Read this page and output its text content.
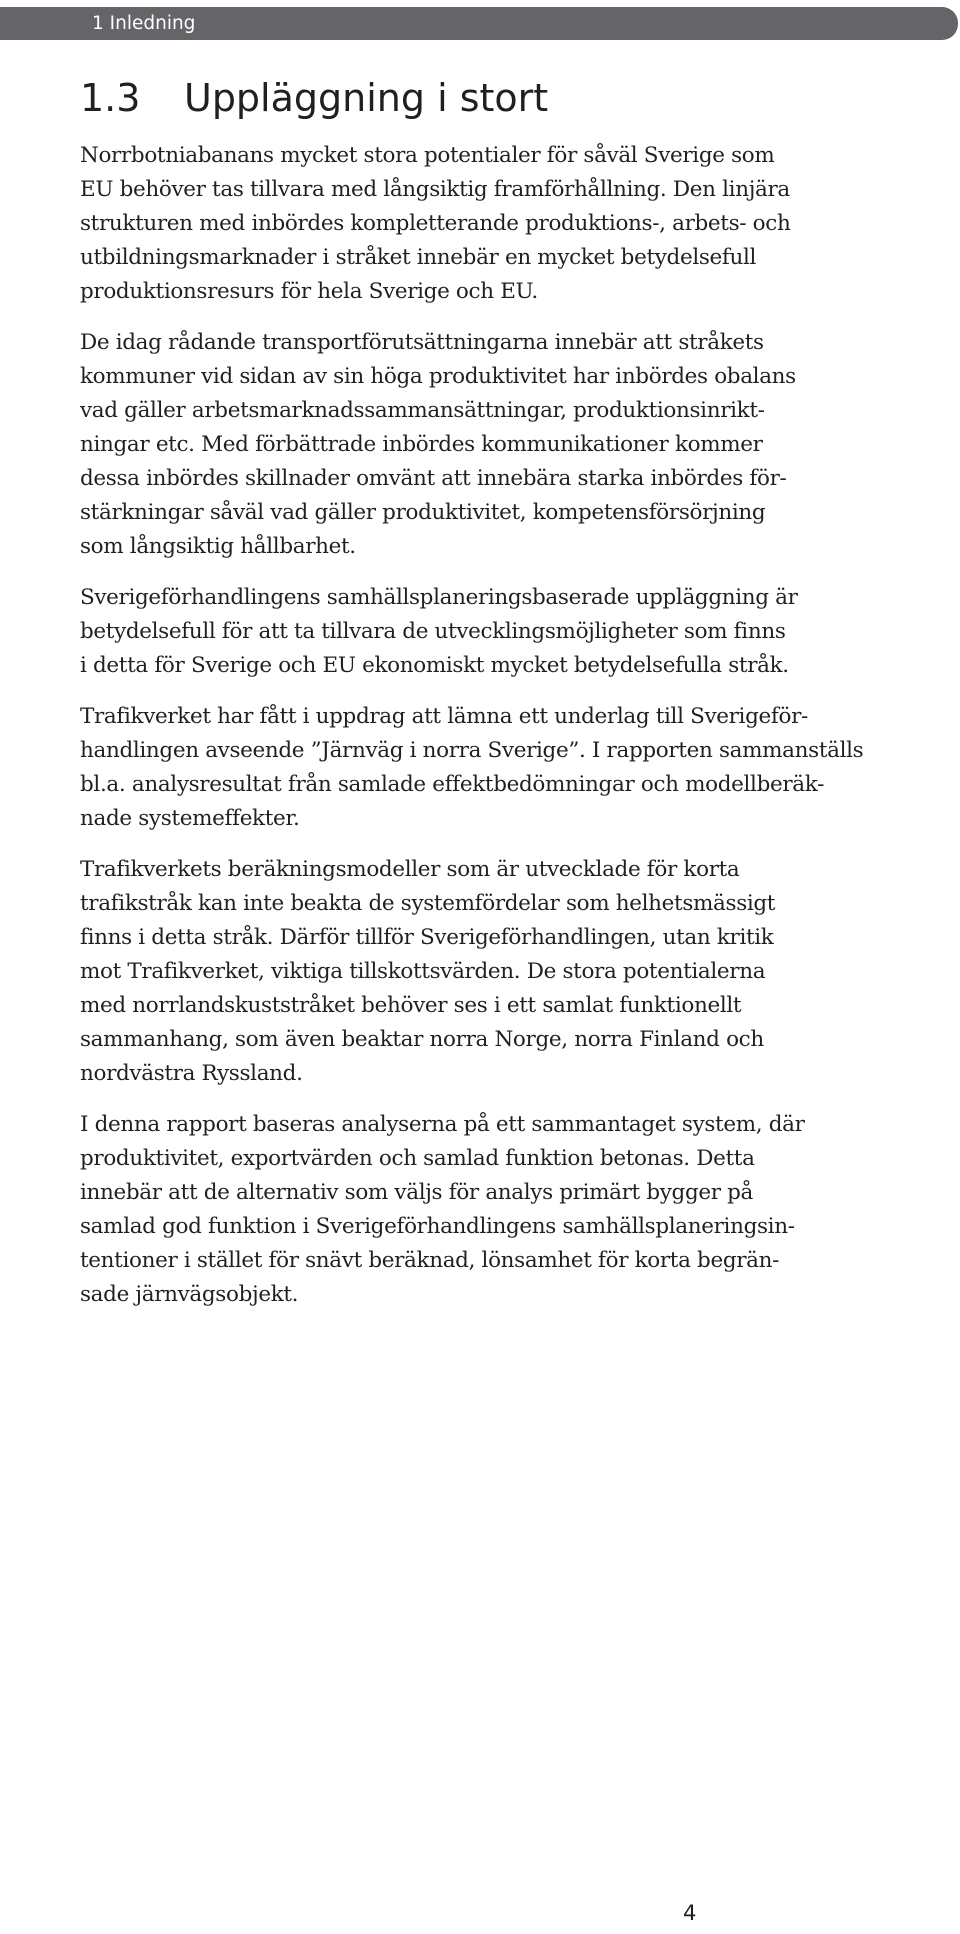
1 Inledning
1.3 Uppläggning i stort

Norrbotniabanans mycket stora potentialer för såväl Sverige som
EU behöver tas tillvara med långsiktig framförhållning. Den linjära
strukturen med inbördes kompletterande produktions-, arbets- och
utbildningsmarknader i stråket innebär en mycket betydelsefull
produktionsresurs för hela Sverige och EU.

De idag rådande transportförutsättningarna innebär att stråkets
kommuner vid sidan av sin höga produktivitet har inbördes obalans
vad gäller arbetsmarknadssammansättningar, produktionsinrikt-
ningar etc. Med förbättrade inbördes kommunikationer kommer
dessa inbördes skillnader omvänt att innebära starka inbördes för-
stärkningar såväl vad gäller produktivitet, kompetensförsörjning
som långsiktig hållbarhet.

Sverigeförhandlingens samhällsplaneringsbaserade uppläggning är
betydelsefull för att ta tillvara de utvecklingsmöjligheter som finns
i detta för Sverige och EU ekonomiskt mycket betydelsefulla stråk.

Trafikverket har fått i uppdrag att lämna ett underlag till Sverigeför-
handlingen avseende ”Järnväg i norra Sverige”. I rapporten sammanställs
bl.a. analysresultat från samlade effektbedömningar och modellberäk-
nade systemeffekter.

Trafikverkets beräkningsmodeller som är utvecklade för korta
trafikstråk kan inte beakta de systemfördelar som helhetsmässigt
finns i detta stråk. Därför tillför Sverigeförhandlingen, utan kritik
mot Trafikverket, viktiga tillskottsvärden. De stora potentialerna
med norrlandskuststråket behöver ses i ett samlat funktionellt
sammanhang, som även beaktar norra Norge, norra Finland och
nordvästra Ryssland.

I denna rapport baseras analyserna på ett sammantaget system, där
produktivitet, exportvärden och samlad funktion betonas. Detta
innebär att de alternativ som väljs för analys primärt bygger på
samlad god funktion i Sverigeförhandlingens samhällsplaneringsin-
tentioner i stället för snävt beräknad, lönsamhet för korta begrän-
sade järnvägsobjekt.

4
